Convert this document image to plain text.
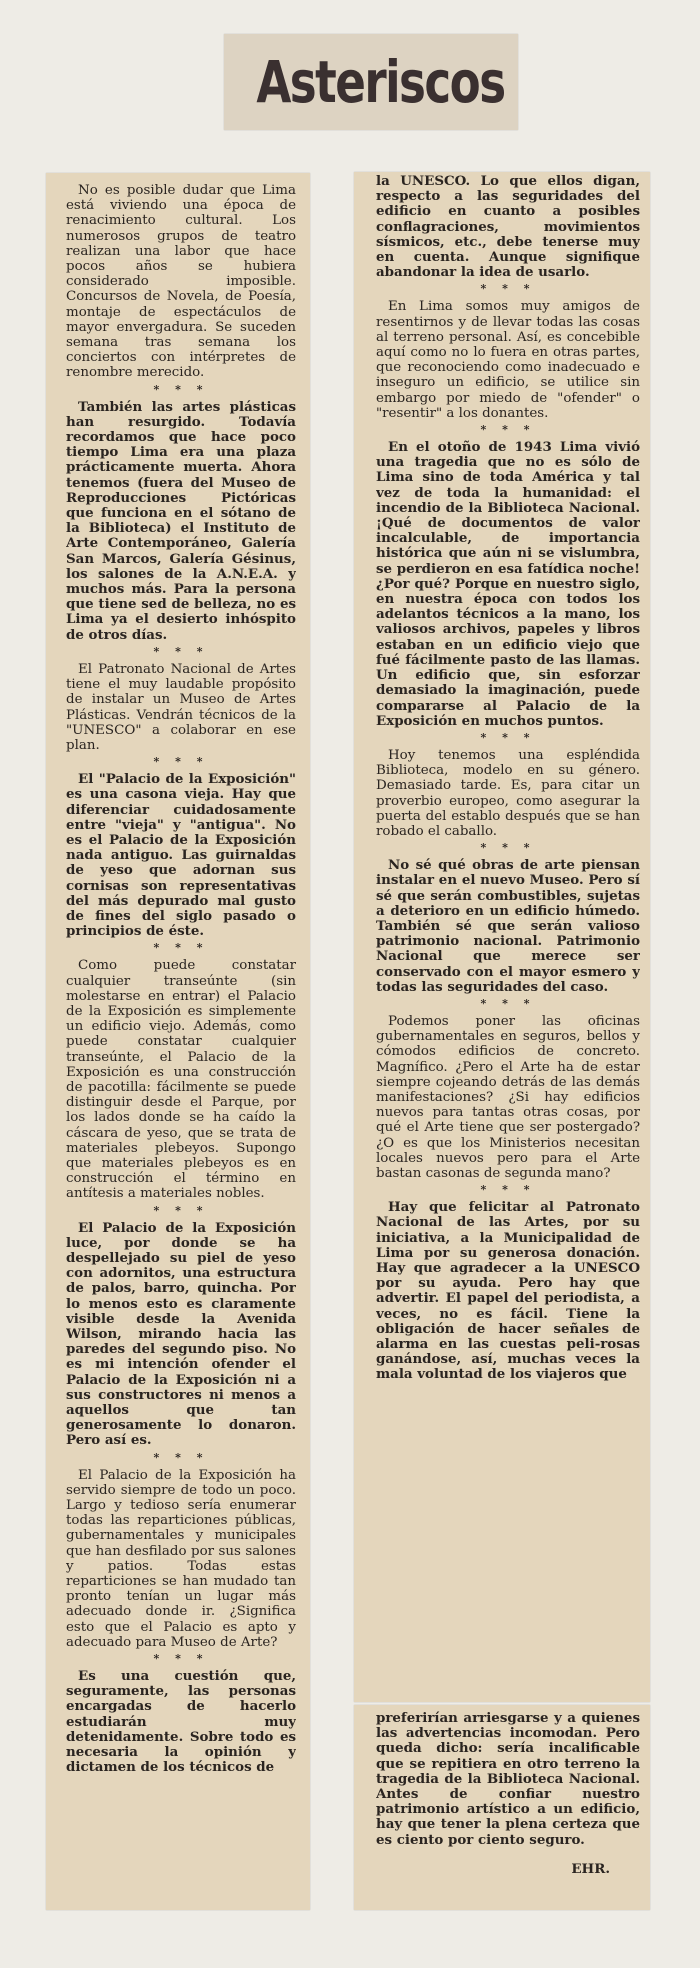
Asteriscos

No es posible dudar que Lima está viviendo una época de renacimiento cultural. Los numerosos grupos de teatro realizan una labor que hace pocos años se hubiera considerado imposible. Concursos de Novela, de Poesía, montaje de espectáculos de mayor envergadura. Se suceden semana tras semana los conciertos con intérpretes de renombre merecido.

* * *

También las artes plásticas han resurgido. Todavía recordamos que hace poco tiempo Lima era una plaza prácticamente muerta. Ahora tenemos (fuera del Museo de Reproducciones Pictóricas que funciona en el sótano de la Biblioteca) el Instituto de Arte Contemporáneo, Galería San Marcos, Galería Gésinus, los salones de la A.N.E.A. y muchos más. Para la persona que tiene sed de belleza, no es Lima ya el desierto inhóspito de otros días.

* * *

El Patronato Nacional de Artes tiene el muy laudable propósito de instalar un Museo de Artes Plásticas. Vendrán técnicos de la "UNESCO" a colaborar en ese plan.

* * *

El "Palacio de la Exposición" es una casona vieja. Hay que diferenciar cuidadosamente entre "vieja" y "antigua". No es el Palacio de la Exposición nada antiguo. Las guirnaldas de yeso que adornan sus cornisas son representativas del más depurado mal gusto de fines del siglo pasado o principios de éste.

* * *

Como puede constatar cualquier transeúnte (sin molestarse en entrar) el Palacio de la Exposición es simplemente un edificio viejo. Además, como puede constatar cualquier transeúnte, el Palacio de la Exposición es una construcción de pacotilla: fácilmente se puede distinguir desde el Parque, por los lados donde se ha caído la cáscara de yeso, que se trata de materiales plebeyos. Supongo que materiales plebeyos es en construcción el término en antítesis a materiales nobles.

* * *

El Palacio de la Exposición luce, por donde se ha despellejado su piel de yeso con adornitos, una estructura de palos, barro, quincha. Por lo menos esto es claramente visible desde la Avenida Wilson, mirando hacia las paredes del segundo piso. No es mi intención ofender el Palacio de la Exposición ni a sus constructores ni menos a aquellos que tan generosamente lo donaron. Pero así es.

* * *

El Palacio de la Exposición ha servido siempre de todo un poco. Largo y tedioso sería enumerar todas las reparticiones públicas, gubernamentales y municipales que han desfilado por sus salones y patios. Todas estas reparticiones se han mudado tan pronto tenían un lugar más adecuado donde ir. ¿Significa esto que el Palacio es apto y adecuado para Museo de Arte?

* * *

Es una cuestión que, seguramente, las personas encargadas de hacerlo estudiarán muy detenidamente. Sobre todo es necesaria la opinión y dictamen de los técnicos de

la UNESCO. Lo que ellos digan, respecto a las seguridades del edificio en cuanto a posibles conflagraciones, movimientos sísmicos, etc., debe tenerse muy en cuenta. Aunque signifique abandonar la idea de usarlo.

* * *

En Lima somos muy amigos de resentirnos y de llevar todas las cosas al terreno personal. Así, es concebible aquí como no lo fuera en otras partes, que reconociendo como inadecuado e inseguro un edificio, se utilice sin embargo por miedo de "ofender" o "resentir" a los donantes.

* * *

En el otoño de 1943 Lima vivió una tragedia que no es sólo de Lima sino de toda América y tal vez de toda la humanidad: el incendio de la Biblioteca Nacional. ¡Qué de documentos de valor incalculable, de importancia histórica que aún ni se vislumbra, se perdieron en esa fatídica noche! ¿Por qué? Porque en nuestro siglo, en nuestra época con todos los adelantos técnicos a la mano, los valiosos archivos, papeles y libros estaban en un edificio viejo que fué fácilmente pasto de las llamas. Un edificio que, sin esforzar demasiado la imaginación, puede compararse al Palacio de la Exposición en muchos puntos.

* * *

Hoy tenemos una espléndida Biblioteca, modelo en su género. Demasiado tarde. Es, para citar un proverbio europeo, como asegurar la puerta del establo después que se han robado el caballo.

* * *

No sé qué obras de arte piensan instalar en el nuevo Museo. Pero sí sé que serán combustibles, sujetas a deterioro en un edificio húmedo. También sé que serán valioso patrimonio nacional. Patrimonio Nacional que merece ser conservado con el mayor esmero y todas las seguridades del caso.

* * *

Podemos poner las oficinas gubernamentales en seguros, bellos y cómodos edificios de concreto. Magnífico. ¿Pero el Arte ha de estar siempre cojeando detrás de las demás manifestaciones? ¿Si hay edificios nuevos para tantas otras cosas, por qué el Arte tiene que ser postergado? ¿O es que los Ministerios necesitan locales nuevos pero para el Arte bastan casonas de segunda mano?

* * *

Hay que felicitar al Patronato Nacional de las Artes, por su iniciativa, a la Municipalidad de Lima por su generosa donación. Hay que agradecer a la UNESCO por su ayuda. Pero hay que advertir. El papel del periodista, a veces, no es fácil. Tiene la obligación de hacer señales de alarma en las cuestas peli-rosas ganándose, así, muchas veces la mala voluntad de los viajeros que

preferirían arriesgarse y a quienes las advertencias incomodan. Pero queda dicho: sería incalificable que se repitiera en otro terreno la tragedia de la Biblioteca Nacional. Antes de confiar nuestro patrimonio artístico a un edificio, hay que tener la plena certeza que es ciento por ciento seguro.

EHR.
